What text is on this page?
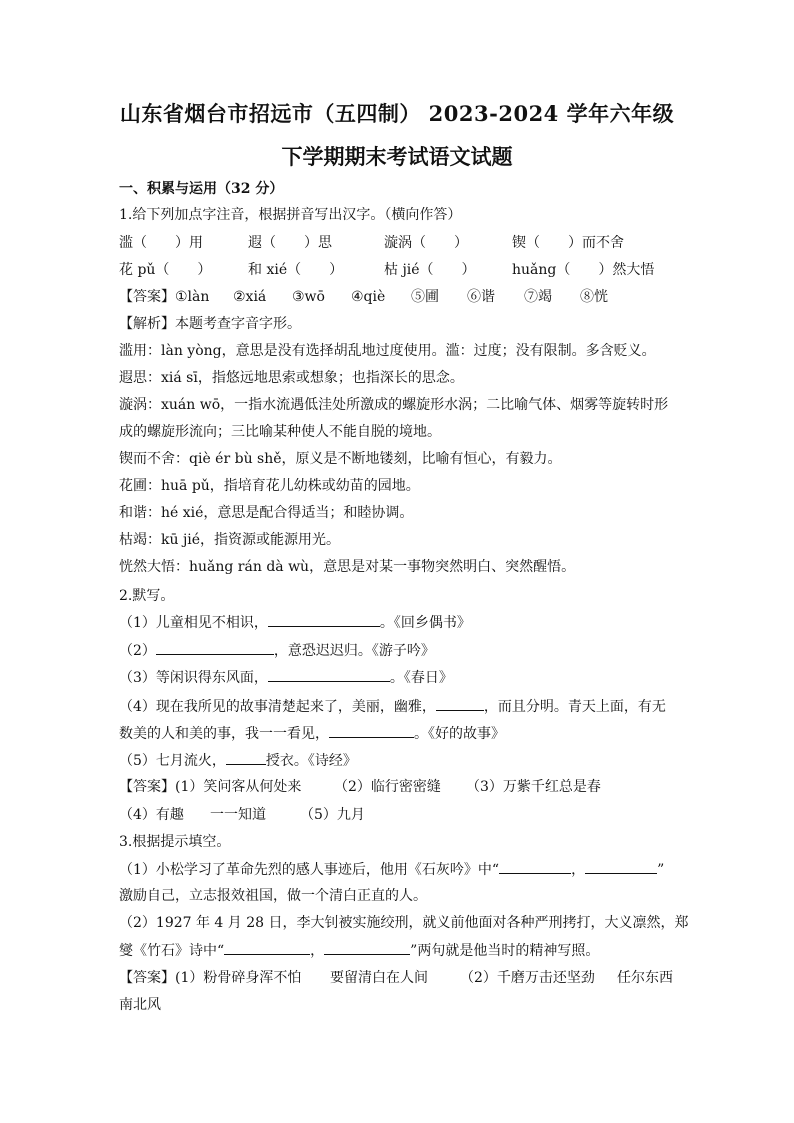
山东省烟台市招远市（五四制） 2023-2024 学年六年级
下学期期末考试语文试题
一、积累与运用（32 分）
1.给下列加点字注音，根据拼音写出汉字。（横向作答）
滥（　　）用	遐（　　）思	漩涡（　　）	锲（　　）而不舍
花 pǔ（　　）	和 xié（　　）	枯 jié（　　）	huǎng（　　）然大悟
【答案】 ①làn ②xiá ③wō ④qiè ⑤圃 ⑥谐 ⑦竭 ⑧恍
【解析】 本题考查字音字形。
滥用：làn yòng，意思是没有选择胡乱地过度使用。滥：过度；没有限制。多含贬义。
遐思：xiá sī，指悠远地思索或想象；也指深长的思念。
漩涡：xuán wō，一指水流遇低洼处所激成的螺旋形水涡；二比喻气体、烟雾等旋转时形
成的螺旋形流向；三比喻某种使人不能自脱的境地。
锲而不舍：qiè ér bù shě，原义是不断地镂刻，比喻有恒心，有毅力。
花圃：huā pǔ，指培育花儿幼株或幼苗的园地。
和谐：hé xié，意思是配合得适当；和睦协调。
枯竭：kū jié，指资源或能源用光。
恍然大悟：huǎng rán dà wù，意思是对某一事物突然明白、突然醒悟。
2.默写。
（1）儿童相见不相识，	。《回乡偶书》
（2）	，意恐迟迟归。《游子吟》
（3）等闲识得东风面，	。《春日》
（4）现在我所见的故事清楚起来了，美丽，幽雅，	，而且分明。青天上面，有无
数美的人和美的事，我一一看见，	。《好的故事》
（5）七月流火，	授衣。《诗经》
【答案】 (1）笑问客从何处来 （2）临行密密缝 （3）万紫千红总是春
（4）有趣 一一知道 （5）九月
3.根据提示填空。
（1）小松学习了革命先烈的感人事迹后，他用《石灰吟》中“	，	”
激励自己，立志报效祖国，做一个清白正直的人。
（2）1927 年 4 月 28 日，李大钊被实施绞刑，就义前他面对各种严刑拷打，大义凛然，郑
燮《竹石》诗中“	，	”两句就是他当时的精神写照。
【答案】 (1）粉骨碎身浑不怕 要留清白在人间 （2）千磨万击还坚劲 任尔东西
南北风
